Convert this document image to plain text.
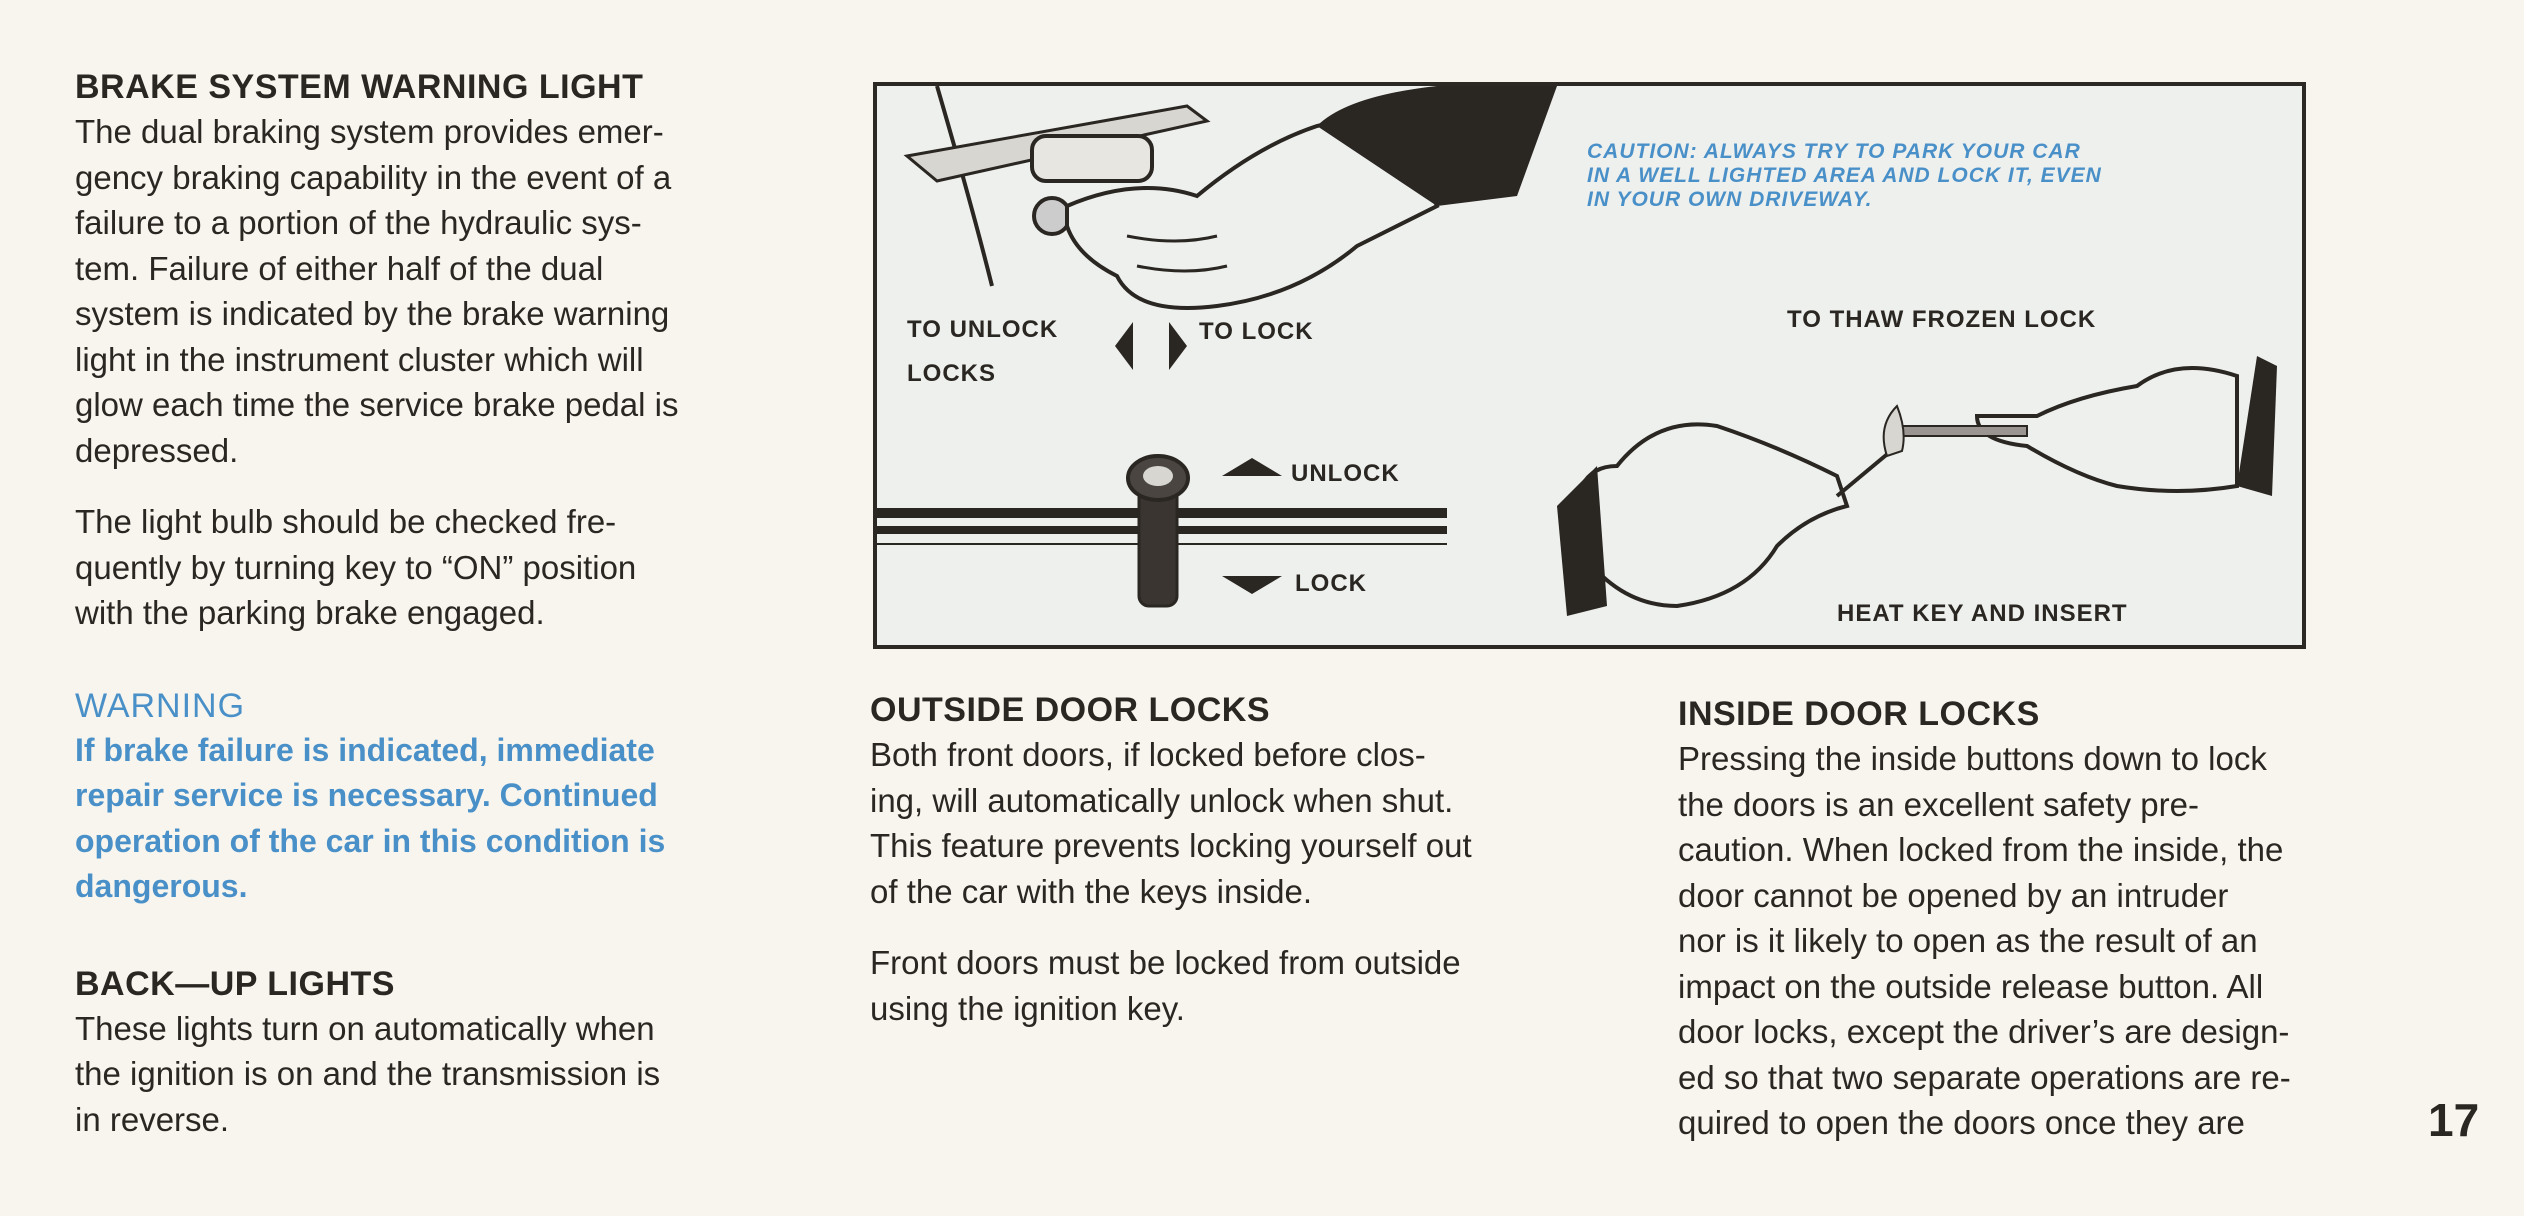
BRAKE SYSTEM WARNING LIGHT

The dual braking system provides emer-
gency braking capability in the event of a
failure to a portion of the hydraulic sys-
tem. Failure of either half of the dual
system is indicated by the brake warning
light in the instrument cluster which will
glow each time the service brake pedal is
depressed.

The light bulb should be checked fre-
quently by turning key to “ON” position
with the parking brake engaged.

WARNING

If brake failure is indicated, immediate
repair service is necessary. Continued
operation of the car in this condition is
dangerous.

BACK—UP LIGHTS

These lights turn on automatically when
the ignition is on and the transmission is
in reverse.

TO UNLOCK
LOCKS
TO LOCK
UNLOCK
LOCK
CAUTION: ALWAYS TRY TO PARK YOUR CAR
IN A WELL LIGHTED AREA AND LOCK IT, EVEN
IN YOUR OWN DRIVEWAY.
TO THAW FROZEN LOCK
HEAT KEY AND INSERT
OUTSIDE DOOR LOCKS

Both front doors, if locked before clos-
ing, will automatically unlock when shut.
This feature prevents locking yourself out
of the car with the keys inside.

Front doors must be locked from outside
using the ignition key.

INSIDE DOOR LOCKS

Pressing the inside buttons down to lock
the doors is an excellent safety pre-
caution. When locked from the inside, the
door cannot be opened by an intruder
nor is it likely to open as the result of an
impact on the outside release button. All
door locks, except the driver’s are design-
ed so that two separate operations are re-
quired to open the doors once they are	17
